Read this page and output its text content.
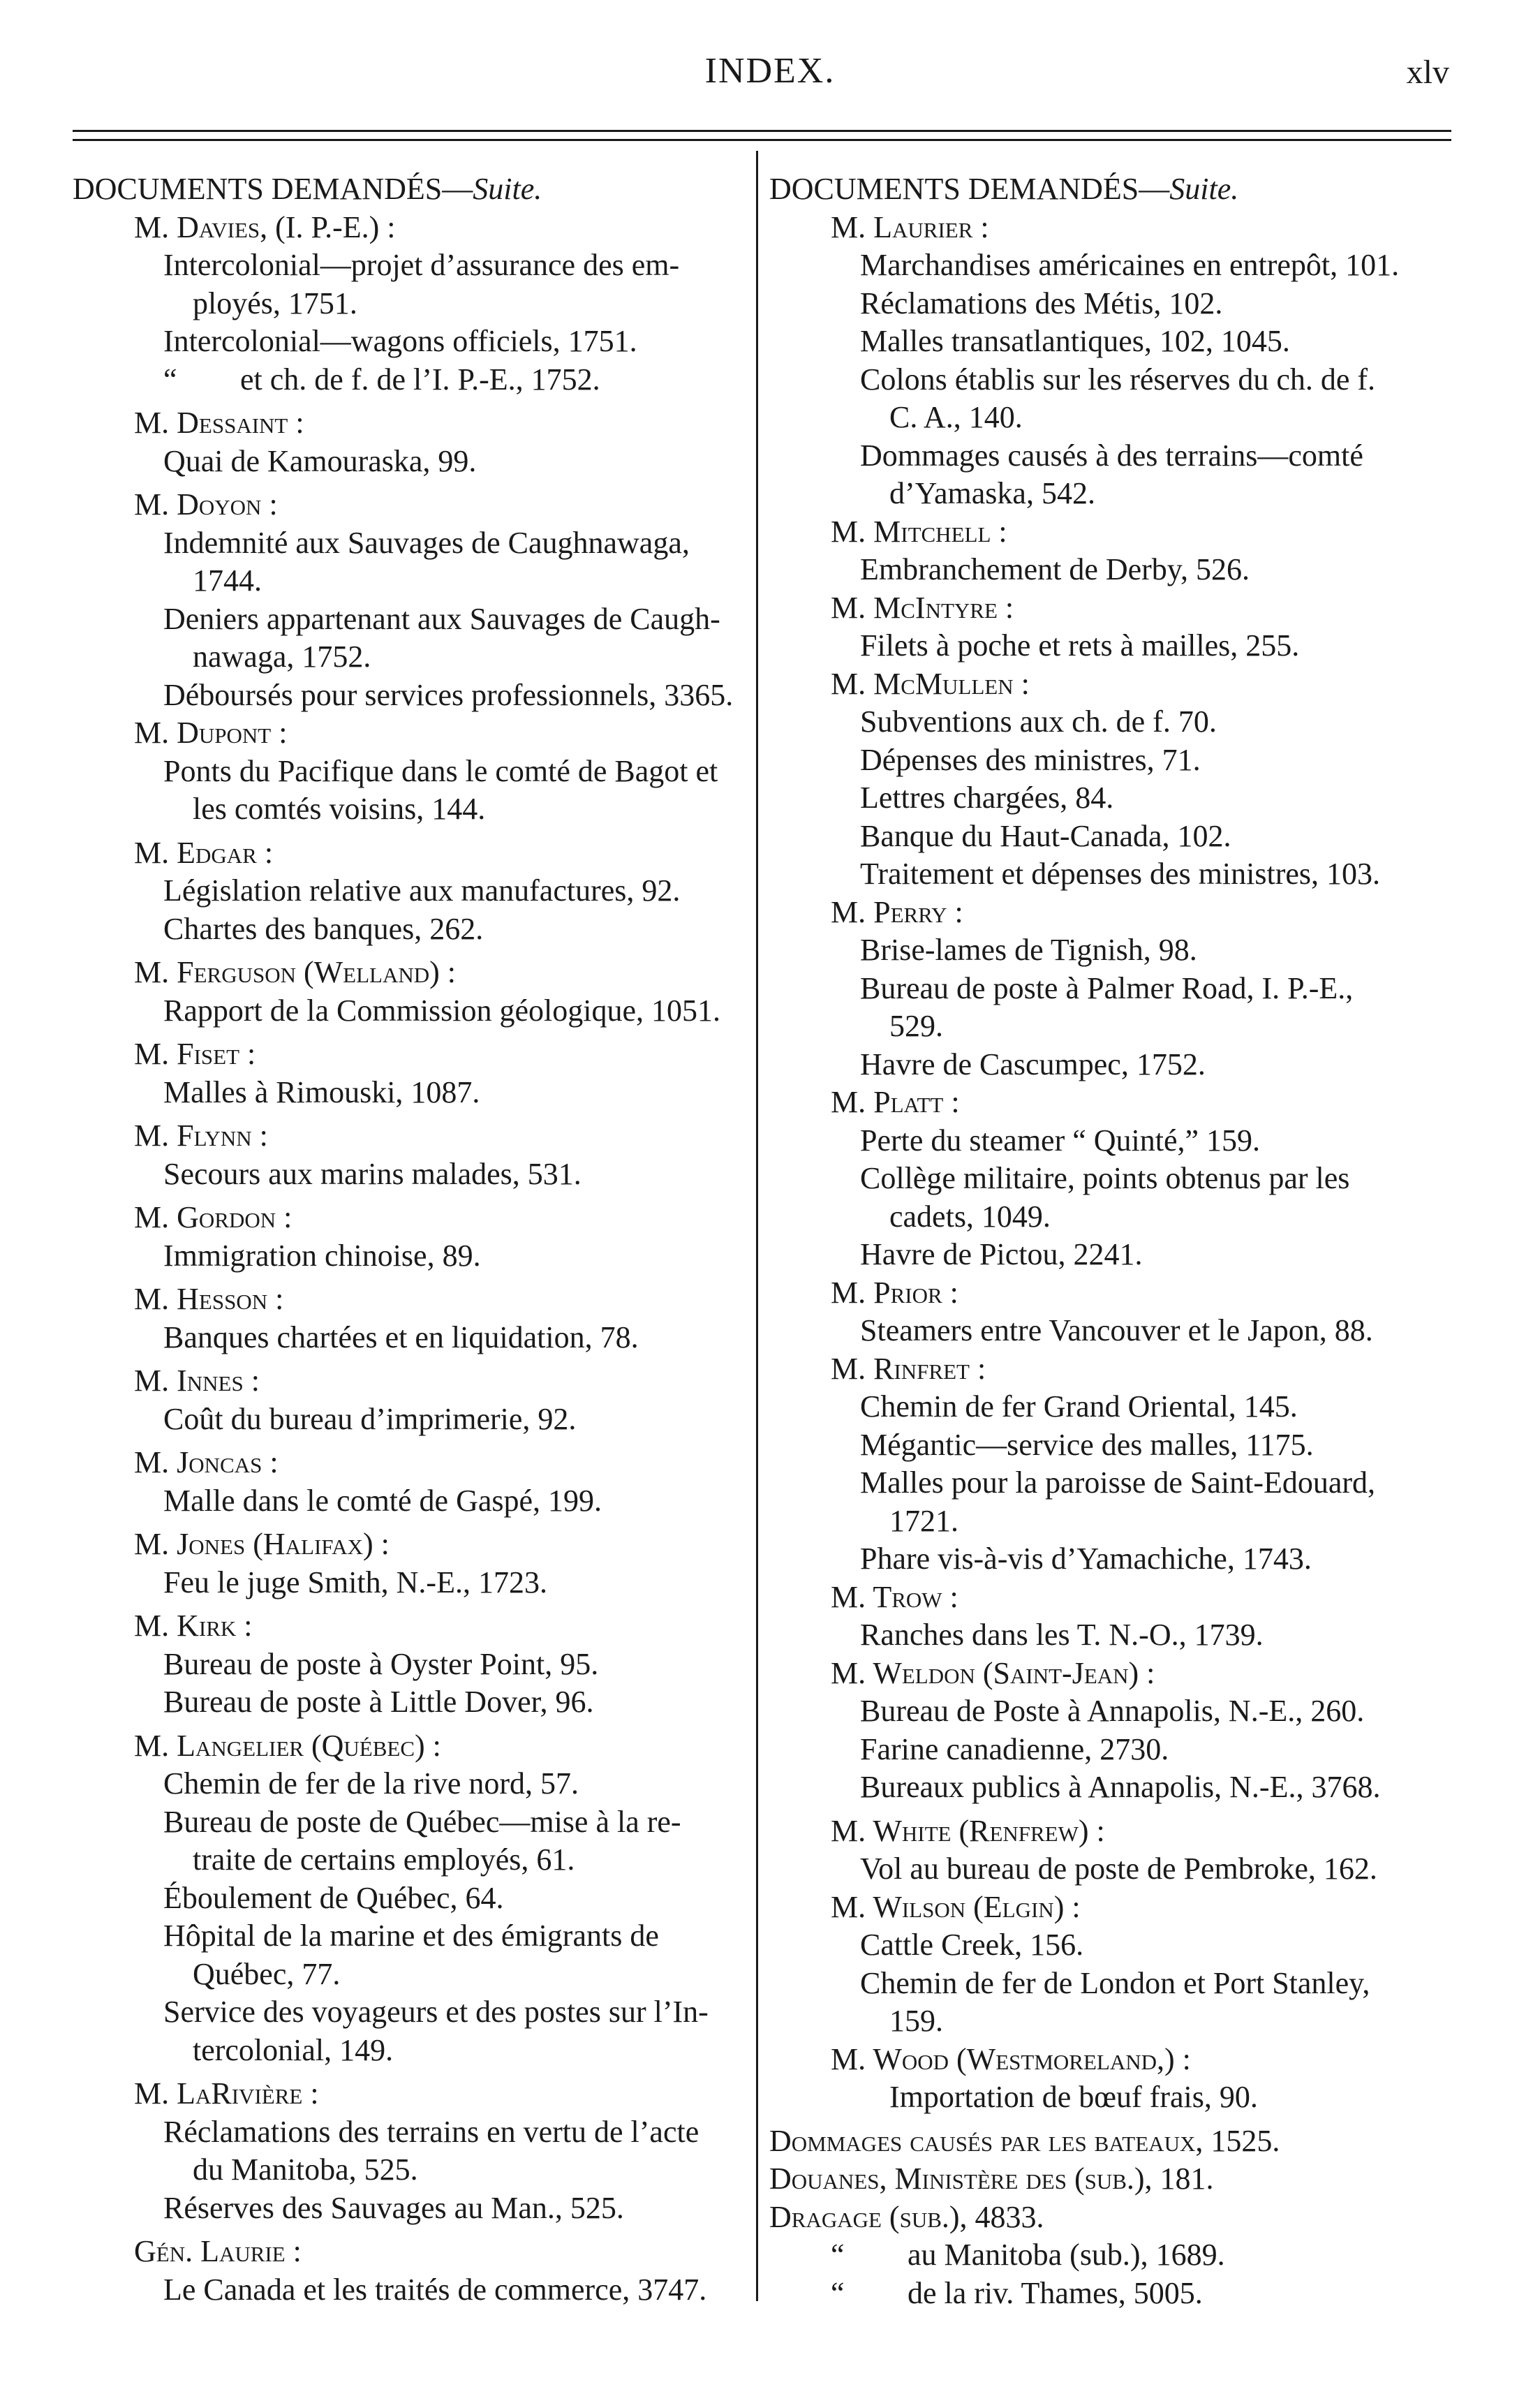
INDEX.	xlv
DOCUMENTS DEMANDÉS—Suite.
M. Davies, (I. P.-E.) :
Intercolonial—projet d’assurance des em-
ployés, 1751.
Intercolonial—wagons officiels, 1751.
“ et ch. de f. de l’I. P.-E., 1752.
M. Dessaint :
Quai de Kamouraska, 99.
M. Doyon :
Indemnité aux Sauvages de Caughnawaga,
1744.
Deniers appartenant aux Sauvages de Caugh-
nawaga, 1752.
Déboursés pour services professionnels, 3365.
M. Dupont :
Ponts du Pacifique dans le comté de Bagot et
les comtés voisins, 144.
M. Edgar :
Législation relative aux manufactures, 92.
Chartes des banques, 262.
M. Ferguson (Welland) :
Rapport de la Commission géologique, 1051.
M. Fiset :
Malles à Rimouski, 1087.
M. Flynn :
Secours aux marins malades, 531.
M. Gordon :
Immigration chinoise, 89.
M. Hesson :
Banques chartées et en liquidation, 78.
M. Innes :
Coût du bureau d’imprimerie, 92.
M. Joncas :
Malle dans le comté de Gaspé, 199.
M. Jones (Halifax) :
Feu le juge Smith, N.-E., 1723.
M. Kirk :
Bureau de poste à Oyster Point, 95.
Bureau de poste à Little Dover, 96.
M. Langelier (Québec) :
Chemin de fer de la rive nord, 57.
Bureau de poste de Québec—mise à la re-
traite de certains employés, 61.
Éboulement de Québec, 64.
Hôpital de la marine et des émigrants de
Québec, 77.
Service des voyageurs et des postes sur l’In-
tercolonial, 149.
M. LaRivière :
Réclamations des terrains en vertu de l’acte
du Manitoba, 525.
Réserves des Sauvages au Man., 525.
Gén. Laurie :
Le Canada et les traités de commerce, 3747.
DOCUMENTS DEMANDÉS—Suite.
M. Laurier :
Marchandises américaines en entrepôt, 101.
Réclamations des Métis, 102.
Malles transatlantiques, 102, 1045.
Colons établis sur les réserves du ch. de f.
C. A., 140.
Dommages causés à des terrains—comté
d’Yamaska, 542.
M. Mitchell :
Embranchement de Derby, 526.
M. McIntyre :
Filets à poche et rets à mailles, 255.
M. McMullen :
Subventions aux ch. de f. 70.
Dépenses des ministres, 71.
Lettres chargées, 84.
Banque du Haut-Canada, 102.
Traitement et dépenses des ministres, 103.
M. Perry :
Brise-lames de Tignish, 98.
Bureau de poste à Palmer Road, I. P.-E.,
529.
Havre de Cascumpec, 1752.
M. Platt :
Perte du steamer “ Quinté,” 159.
Collège militaire, points obtenus par les
cadets, 1049.
Havre de Pictou, 2241.
M. Prior :
Steamers entre Vancouver et le Japon, 88.
M. Rinfret :
Chemin de fer Grand Oriental, 145.
Mégantic—service des malles, 1175.
Malles pour la paroisse de Saint-Edouard,
1721.
Phare vis-à-vis d’Yamachiche, 1743.
M. Trow :
Ranches dans les T. N.-O., 1739.
M. Weldon (Saint-Jean) :
Bureau de Poste à Annapolis, N.-E., 260.
Farine canadienne, 2730.
Bureaux publics à Annapolis, N.-E., 3768.
M. White (Renfrew) :
Vol au bureau de poste de Pembroke, 162.
M. Wilson (Elgin) :
Cattle Creek, 156.
Chemin de fer de London et Port Stanley,
159.
M. Wood (Westmoreland,) :
Importation de bœuf frais, 90.
Dommages causés par les bateaux, 1525.
Douanes, Ministère des (sub.), 181.
Dragage (sub.), 4833.
“ au Manitoba (sub.), 1689.
“ de la riv. Thames, 5005.
